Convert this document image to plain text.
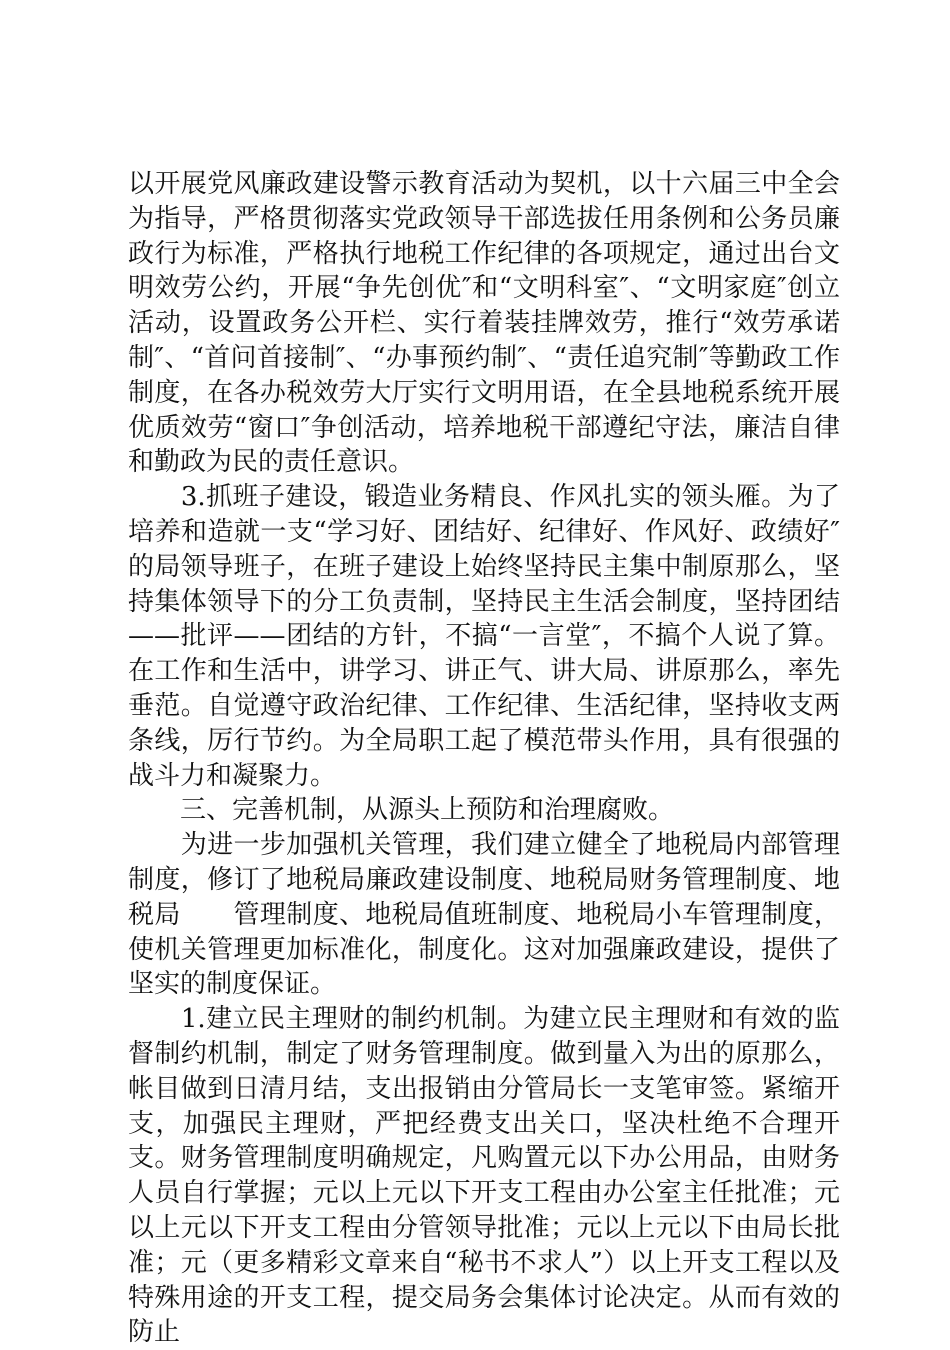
以开展党风廉政建设警示教育活动为契机，以十六届三中全会为指导，严格贯彻落实党政领导干部选拔任用条例和公务员廉政行为标准，严格执行地税工作纪律的各项规定，通过出台文明效劳公约，开展“争先创优″和“文明科室″、“文明家庭″创立活动，设置政务公开栏、实行着装挂牌效劳，推行“效劳承诺制″、“首问首接制″、“办事预约制″、“责任追究制″等勤政工作制度，在各办税效劳大厅实行文明用语，在全县地税系统开展优质效劳“窗口″争创活动，培养地税干部遵纪守法，廉洁自律和勤政为民的责任意识。

　　3.抓班子建设，锻造业务精良、作风扎实的领头雁。为了培养和造就一支“学习好、团结好、纪律好、作风好、政绩好″的局领导班子，在班子建设上始终坚持民主集中制原那么，坚持集体领导下的分工负责制，坚持民主生活会制度，坚持团结——批评——团结的方针，不搞“一言堂″，不搞个人说了算。在工作和生活中，讲学习、讲正气、讲大局、讲原那么，率先垂范。自觉遵守政治纪律、工作纪律、生活纪律，坚持收支两条线，厉行节约。为全局职工起了模范带头作用，具有很强的战斗力和凝聚力。

　　三、完善机制，从源头上预防和治理腐败。

　　为进一步加强机关管理，我们建立健全了地税局内部管理制度，修订了地税局廉政建设制度、地税局财务管理制度、地税局　　管理制度、地税局值班制度、地税局小车管理制度，使机关管理更加标准化，制度化。这对加强廉政建设，提供了坚实的制度保证。

　　1.建立民主理财的制约机制。为建立民主理财和有效的监督制约机制，制定了财务管理制度。做到量入为出的原那么，帐目做到日清月结，支出报销由分管局长一支笔审签。紧缩开支，加强民主理财，严把经费支出关口，坚决杜绝不合理开支。财务管理制度明确规定，凡购置元以下办公用品，由财务人员自行掌握；元以上元以下开支工程由办公室主任批准；元以上元以下开支工程由分管领导批准；元以上元以下由局长批准；元（更多精彩文章来自“秘书不求人”）以上开支工程以及特殊用途的开支工程，提交局务会集体讨论决定。从而有效的防止
